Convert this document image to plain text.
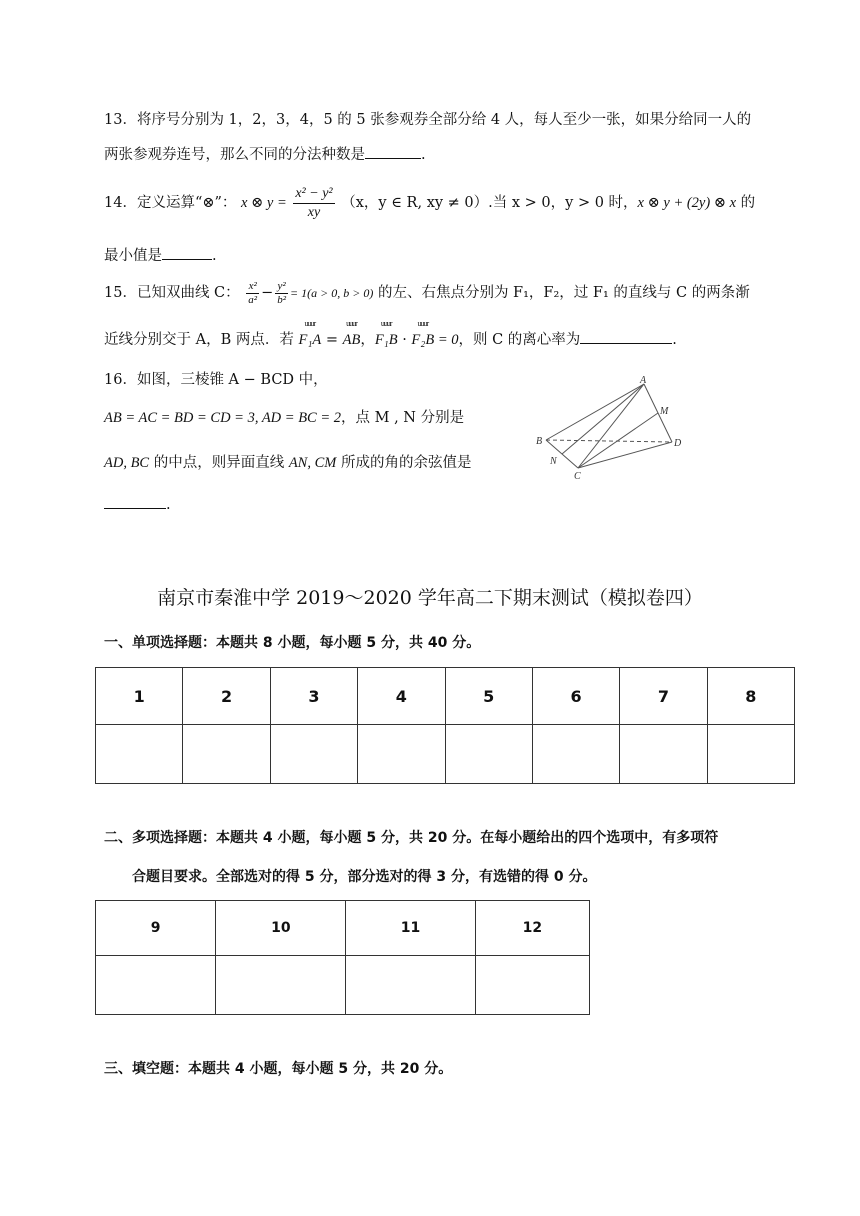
13．将序号分别为 1，2，3，4，5 的 5 张参观券全部分给 4 人，每人至少一张，如果分给同一人的
两张参观券连号，那么不同的分法种数是	.
14．定义运算“⊗”： x ⊗ $y = \frac{\text{x² − y²}}{xy} (x$，y ∈ R, xy ≠ 0）.当 x > 0，y > 0 时，x ⊗ y + (2y) ⊗ x 的
最小值是	.
15．已知双曲线 C： $\frac{\text{x²}}{\text{a²}} - \frac{\text{y²}}{\text{b²}} = 1(a > 0$, b > 0) 的左、右焦点分别为 F₁，F₂，过 F₁ 的直线与 C 的两条渐
近线分别交于 A，B 两点．若
uuur
F₁A =
uuur
AB，
uuur
F₁B ·
uuur
F₂B = 0，则 C 的离心率为	.
16．如图，三棱锥 A − BCD 中，
AB = AC = BD = CD = 3, AD = BC = 2，点 M , N 分别是
AD, BC 的中点，则异面直线 AN, CM 所成的角的余弦值是
.
A
B
C
D
M
N
南京市秦淮中学 2019～2020 学年高二下期末测试（模拟卷四）
一、单项选择题：本题共 8 小题，每小题 5 分，共 40 分。
1	2	3	4	5	6	7	8

二、多项选择题：本题共 4 小题，每小题 5 分，共 20 分。在每小题给出的四个选项中，有多项符
合题目要求。全部选对的得 5 分，部分选对的得 3 分，有选错的得 0 分。
9	10	11	12

三、填空题：本题共 4 小题，每小题 5 分，共 20 分。
